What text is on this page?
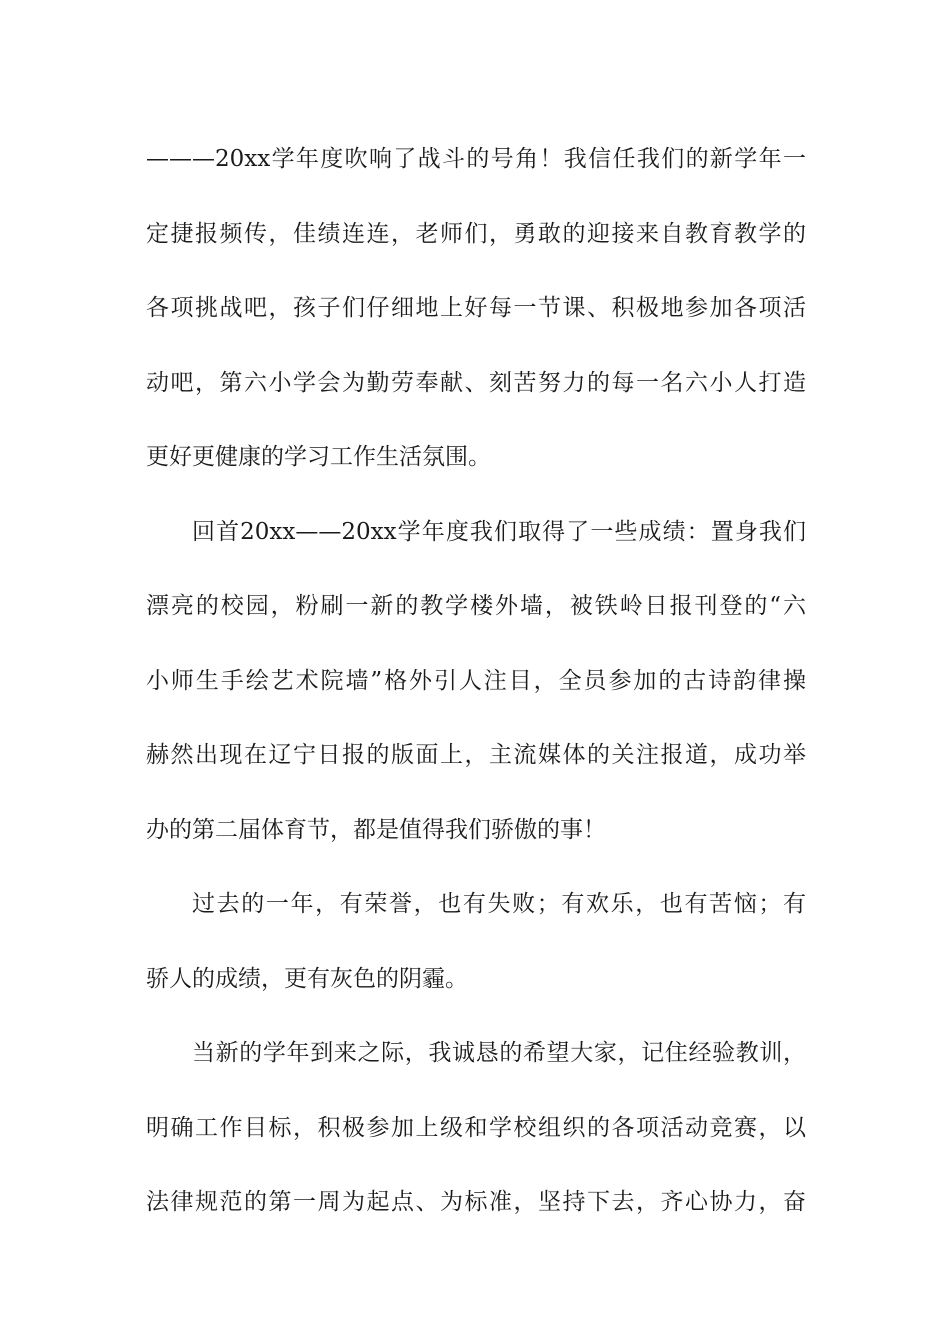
———20xx学年度吹响了战斗的号角！我信任我们的新学年一
定捷报频传，佳绩连连，老师们，勇敢的迎接来自教育教学的
各项挑战吧，孩子们仔细地上好每一节课、积极地参加各项活
动吧，第六小学会为勤劳奉献、刻苦努力的每一名六小人打造
更好更健康的学习工作生活氛围。
回首20xx——20xx学年度我们取得了一些成绩：置身我们
漂亮的校园，粉刷一新的教学楼外墙，被铁岭日报刊登的“六
小师生手绘艺术院墙”格外引人注目，全员参加的古诗韵律操
赫然出现在辽宁日报的版面上，主流媒体的关注报道，成功举
办的第二届体育节，都是值得我们骄傲的事！
过去的一年，有荣誉，也有失败；有欢乐，也有苦恼；有
骄人的成绩，更有灰色的阴霾。
当新的学年到来之际，我诚恳的希望大家，记住经验教训，
明确工作目标，积极参加上级和学校组织的各项活动竞赛，以
法律规范的第一周为起点、为标准，坚持下去，齐心协力，奋
